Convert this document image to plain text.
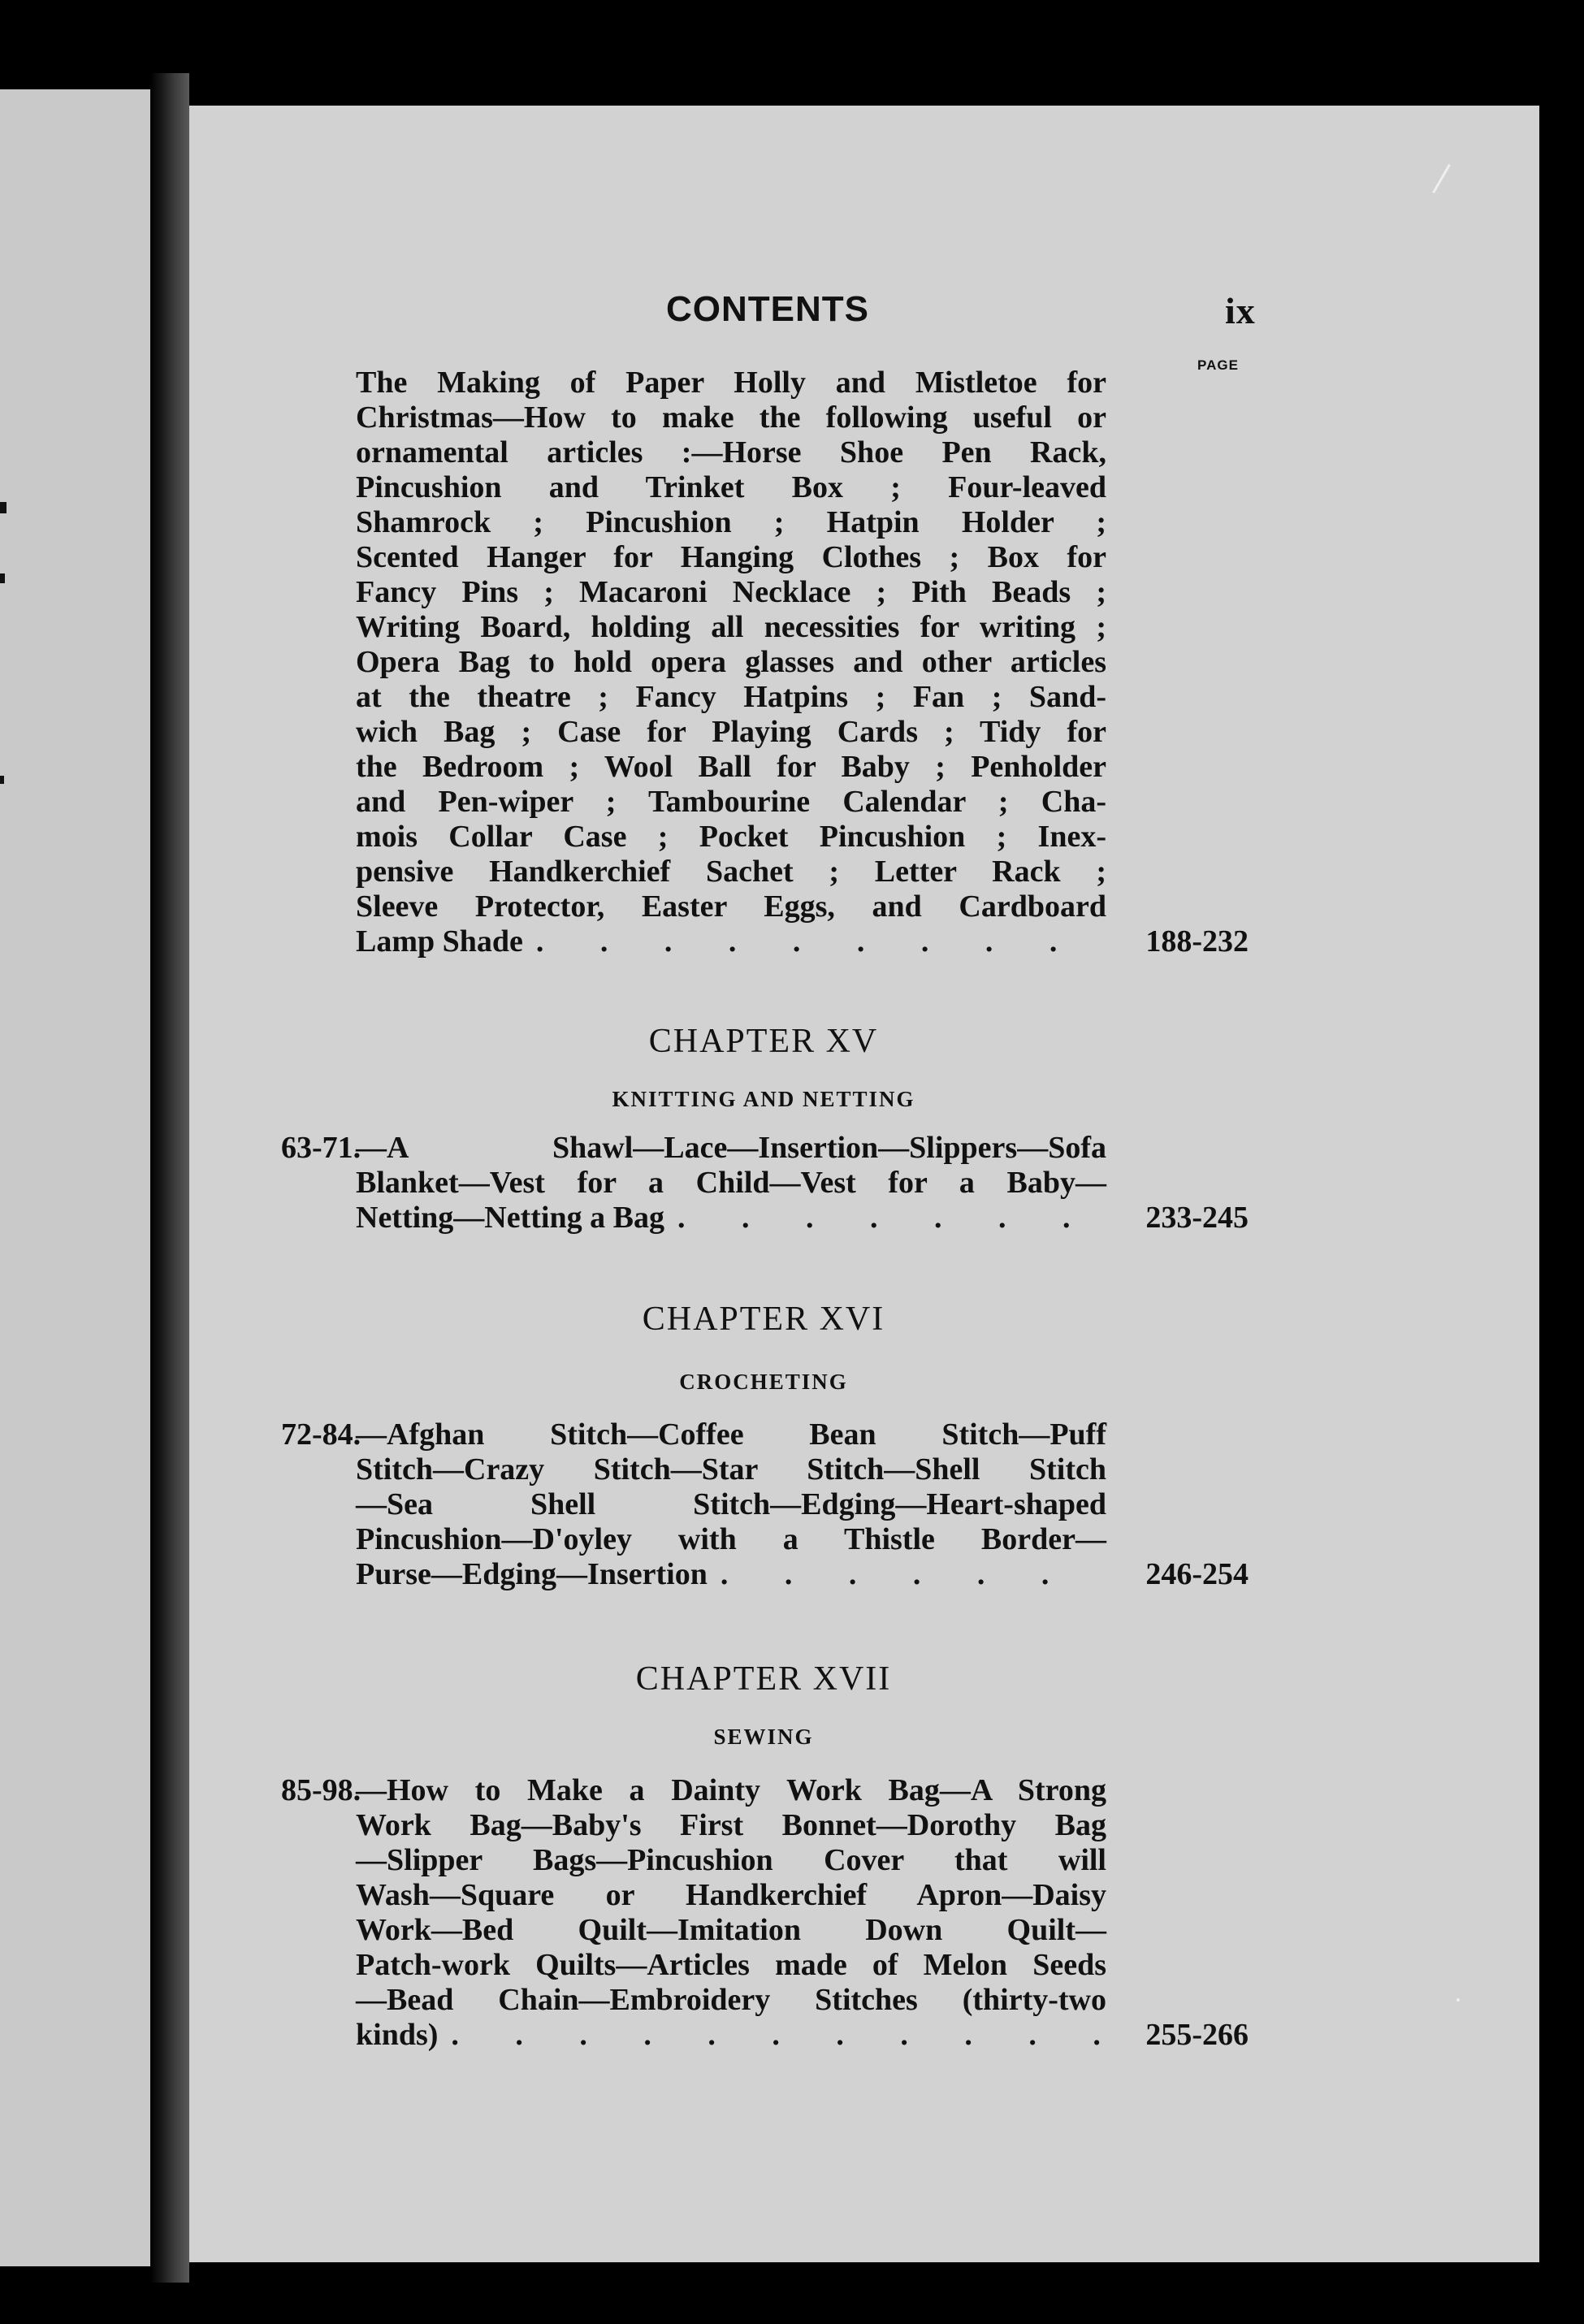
CONTENTS	ix
PAGE
The Making of Paper Holly and Mistletoe for
Christmas—How to make the following useful or
ornamental articles :—Horse Shoe Pen Rack,
Pincushion and Trinket Box ; Four-leaved
Shamrock ; Pincushion ; Hatpin Holder ;
Scented Hanger for Hanging Clothes ; Box for
Fancy Pins ; Macaroni Necklace ; Pith Beads ;
Writing Board, holding all necessities for writing ;
Opera Bag to hold opera glasses and other articles
at the theatre ; Fancy Hatpins ; Fan ; Sand-
wich Bag ; Case for Playing Cards ; Tidy for
the Bedroom ; Wool Ball for Baby ; Penholder
and Pen-wiper ; Tambourine Calendar ; Cha-
mois Collar Case ; Pocket Pincushion ; Inex-
pensive Handkerchief Sachet ; Letter Rack ;
Sleeve Protector, Easter Eggs, and Cardboard
Lamp Shade . . .	188-232
CHAPTER XV
KNITTING AND NETTING
63-71.
—A Shawl—Lace—Insertion—Slippers—Sofa
Blanket—Vest for a Child—Vest for a Baby—
Netting—Netting a Bag . . .	233-245
CHAPTER XVI
CROCHETING
72-84.
—Afghan Stitch—Coffee Bean Stitch—Puff
Stitch—Crazy Stitch—Star Stitch—Shell Stitch
—Sea Shell Stitch—Edging—Heart-shaped
Pincushion—D'oyley with a Thistle Border—
Purse—Edging—Insertion . . .	246-254
CHAPTER XVII
SEWING
85-98.
—How to Make a Dainty Work Bag—A Strong
Work Bag—Baby's First Bonnet—Dorothy Bag
—Slipper Bags—Pincushion Cover that will
Wash—Square or Handkerchief Apron—Daisy
Work—Bed Quilt—Imitation Down Quilt—
Patch-work Quilts—Articles made of Melon Seeds
—Bead Chain—Embroidery Stitches (thirty-two
kinds) . . .	255-266
